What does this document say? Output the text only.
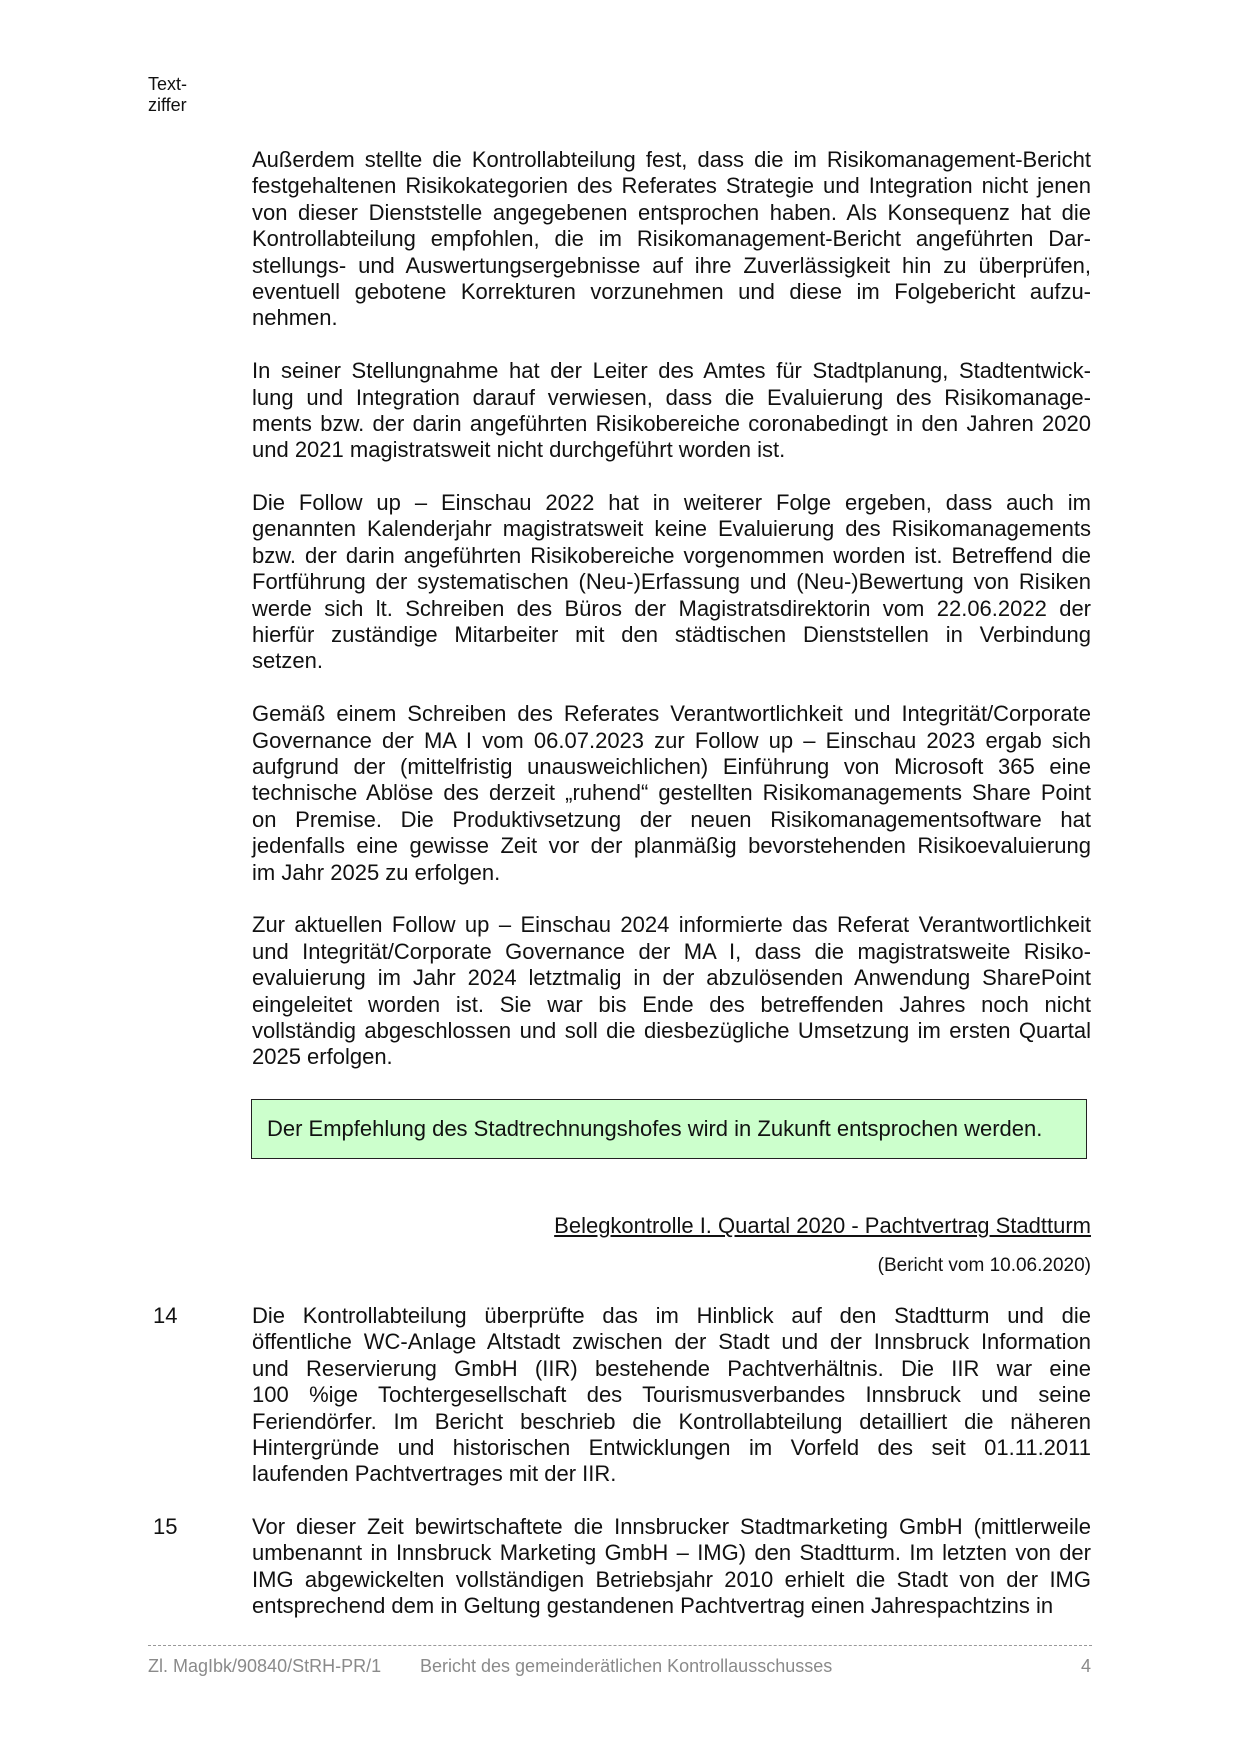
Text-
ziffer
Außerdem stellte die Kontrollabteilung fest, dass die im Risikomanagement-Bericht
festgehaltenen Risikokategorien des Referates Strategie und Integration nicht jenen
von dieser Dienststelle angegebenen entsprochen haben. Als Konsequenz hat die
Kontrollabteilung empfohlen, die im Risikomanagement-Bericht angeführten Dar-
stellungs- und Auswertungsergebnisse auf ihre Zuverlässigkeit hin zu überprüfen,
eventuell gebotene Korrekturen vorzunehmen und diese im Folgebericht aufzu-
nehmen.
In seiner Stellungnahme hat der Leiter des Amtes für Stadtplanung, Stadtentwick-
lung und Integration darauf verwiesen, dass die Evaluierung des Risikomanage-
ments bzw. der darin angeführten Risikobereiche coronabedingt in den Jahren 2020
und 2021 magistratsweit nicht durchgeführt worden ist.
Die Follow up – Einschau 2022 hat in weiterer Folge ergeben, dass auch im
genannten Kalenderjahr magistratsweit keine Evaluierung des Risikomanagements
bzw. der darin angeführten Risikobereiche vorgenommen worden ist. Betreffend die
Fortführung der systematischen (Neu-)Erfassung und (Neu-)Bewertung von Risiken
werde sich lt. Schreiben des Büros der Magistratsdirektorin vom 22.06.2022 der
hierfür zuständige Mitarbeiter mit den städtischen Dienststellen in Verbindung
setzen.
Gemäß einem Schreiben des Referates Verantwortlichkeit und Integrität/Corporate
Governance der MA I vom 06.07.2023 zur Follow up – Einschau 2023 ergab sich
aufgrund der (mittelfristig unausweichlichen) Einführung von Microsoft 365 eine
technische Ablöse des derzeit „ruhend“ gestellten Risikomanagements Share Point
on Premise. Die Produktivsetzung der neuen Risikomanagementsoftware hat
jedenfalls eine gewisse Zeit vor der planmäßig bevorstehenden Risikoevaluierung
im Jahr 2025 zu erfolgen.
Zur aktuellen Follow up – Einschau 2024 informierte das Referat Verantwortlichkeit
und Integrität/Corporate Governance der MA I, dass die magistratsweite Risiko-
evaluierung im Jahr 2024 letztmalig in der abzulösenden Anwendung SharePoint
eingeleitet worden ist. Sie war bis Ende des betreffenden Jahres noch nicht
vollständig abgeschlossen und soll die diesbezügliche Umsetzung im ersten Quartal
2025 erfolgen.
Der Empfehlung des Stadtrechnungshofes wird in Zukunft entsprochen werden.
Belegkontrolle I. Quartal 2020 - Pachtvertrag Stadtturm
(Bericht vom 10.06.2020)
14	Die Kontrollabteilung überprüfte das im Hinblick auf den Stadtturm und die
öffentliche WC-Anlage Altstadt zwischen der Stadt und der Innsbruck Information
und Reservierung GmbH (IIR) bestehende Pachtverhältnis. Die IIR war eine
100 %ige Tochtergesellschaft des Tourismusverbandes Innsbruck und seine
Feriendörfer. Im Bericht beschrieb die Kontrollabteilung detailliert die näheren
Hintergründe und historischen Entwicklungen im Vorfeld des seit 01.11.2011
laufenden Pachtvertrages mit der IIR.
15	Vor dieser Zeit bewirtschaftete die Innsbrucker Stadtmarketing GmbH (mittlerweile
umbenannt in Innsbruck Marketing GmbH – IMG) den Stadtturm. Im letzten von der
IMG abgewickelten vollständigen Betriebsjahr 2010 erhielt die Stadt von der IMG
entsprechend dem in Geltung gestandenen Pachtvertrag einen Jahrespachtzins in
Zl. MagIbk/90840/StRH-PR/1 Bericht des gemeinderätlichen Kontrollausschusses	4
